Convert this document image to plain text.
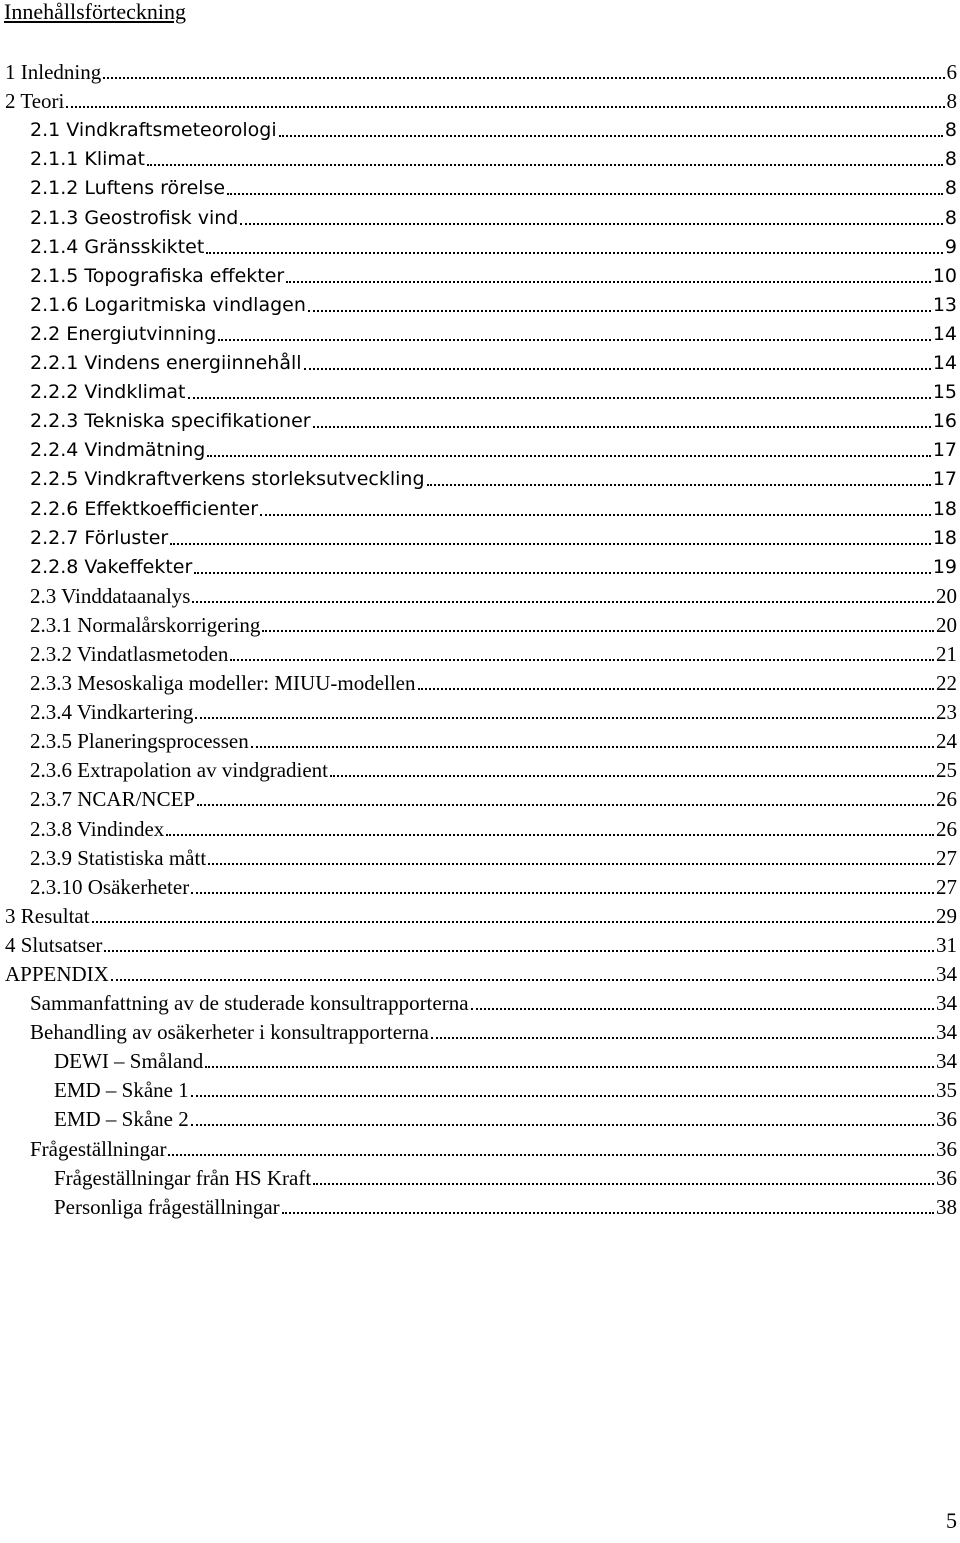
Innehållsförteckning
1 Inledning	6
2 Teori	8
2.1 Vindkraftsmeteorologi	8
2.1.1 Klimat	8
2.1.2 Luftens rörelse	8
2.1.3 Geostrofisk vind	8
2.1.4 Gränsskiktet	9
2.1.5 Topografiska effekter	10
2.1.6 Logaritmiska vindlagen	13
2.2 Energiutvinning	14
2.2.1 Vindens energiinnehåll	14
2.2.2 Vindklimat	15
2.2.3 Tekniska specifikationer	16
2.2.4 Vindmätning	17
2.2.5 Vindkraftverkens storleksutveckling	17
2.2.6 Effektkoefficienter	18
2.2.7 Förluster	18
2.2.8 Vakeffekter	19
2.3 Vinddataanalys	20
2.3.1 Normalårskorrigering	20
2.3.2 Vindatlasmetoden	21
2.3.3 Mesoskaliga modeller: MIUU-modellen	22
2.3.4 Vindkartering	23
2.3.5 Planeringsprocessen	24
2.3.6 Extrapolation av vindgradient	25
2.3.7 NCAR/NCEP	26
2.3.8 Vindindex	26
2.3.9 Statistiska mått	27
2.3.10 Osäkerheter	27
3 Resultat	29
4 Slutsatser	31
APPENDIX	34
Sammanfattning av de studerade konsultrapporterna	34
Behandling av osäkerheter i konsultrapporterna	34
DEWI – Småland	34
EMD – Skåne 1	35
EMD – Skåne 2	36
Frågeställningar	36
Frågeställningar från HS Kraft	36
Personliga frågeställningar	38
5
